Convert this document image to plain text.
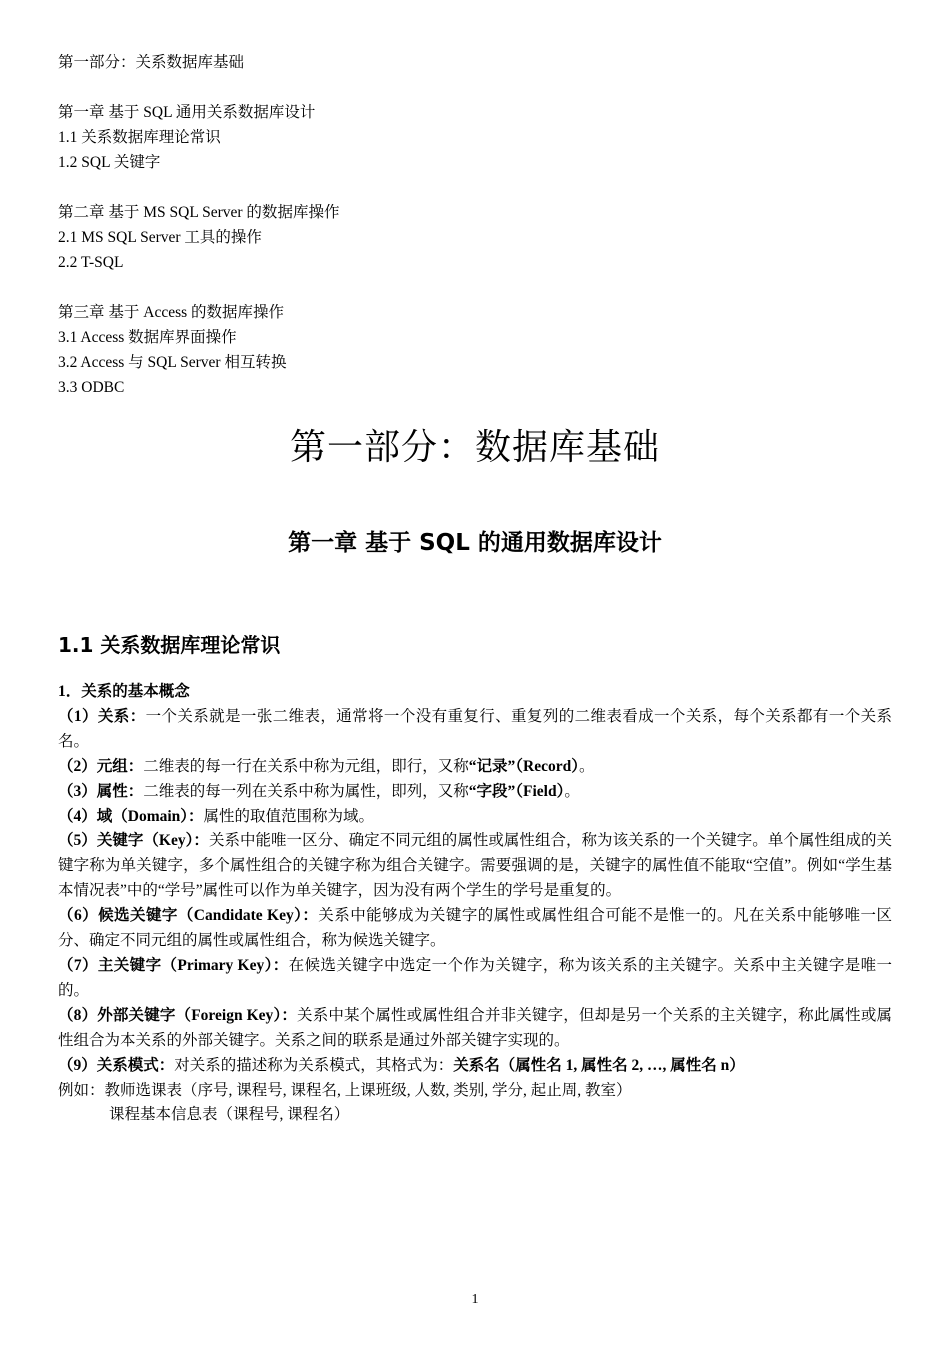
第一部分：关系数据库基础
第一章 基于 SQL 通用关系数据库设计
1.1 关系数据库理论常识
1.2 SQL 关键字
第二章 基于 MS SQL Server 的数据库操作
2.1 MS SQL Server 工具的操作
2.2 T-SQL
第三章 基于 Access 的数据库操作
3.1 Access 数据库界面操作
3.2 Access 与 SQL Server 相互转换
3.3 ODBC
第一部分：数据库基础
第一章 基于 SQL 的通用数据库设计
1.1 关系数据库理论常识

1．关系的基本概念

（1）关系：一个关系就是一张二维表，通常将一个没有重复行、重复列的二维表看成一个关系，每个关系都有一个关系名。

（2）元组：二维表的每一行在关系中称为元组，即行，又称“记录”（Record）。

（3）属性：二维表的每一列在关系中称为属性，即列，又称“字段”（Field）。

（4）域（Domain）：属性的取值范围称为域。

（5）关键字（Key）：关系中能唯一区分、确定不同元组的属性或属性组合，称为该关系的一个关键字。单个属性组成的关键字称为单关键字，多个属性组合的关键字称为组合关键字。需要强调的是，关键字的属性值不能取“空值”。例如“学生基本情况表”中的“学号”属性可以作为单关键字，因为没有两个学生的学号是重复的。

（6）候选关键字（Candidate Key）：关系中能够成为关键字的属性或属性组合可能不是惟一的。凡在关系中能够唯一区分、确定不同元组的属性或属性组合，称为候选关键字。

（7）主关键字（Primary Key）：在候选关键字中选定一个作为关键字，称为该关系的主关键字。关系中主关键字是唯一的。

（8）外部关键字（Foreign Key）：关系中某个属性或属性组合并非关键字，但却是另一个关系的主关键字，称此属性或属性组合为本关系的外部关键字。关系之间的联系是通过外部关键字实现的。

（9）关系模式：对关系的描述称为关系模式，其格式为：关系名（属性名 1, 属性名 2, …, 属性名 n）

例如：教师选课表（序号, 课程号, 课程名, 上课班级, 人数, 类别, 学分, 起止周, 教室）

课程基本信息表（课程号, 课程名）

1
